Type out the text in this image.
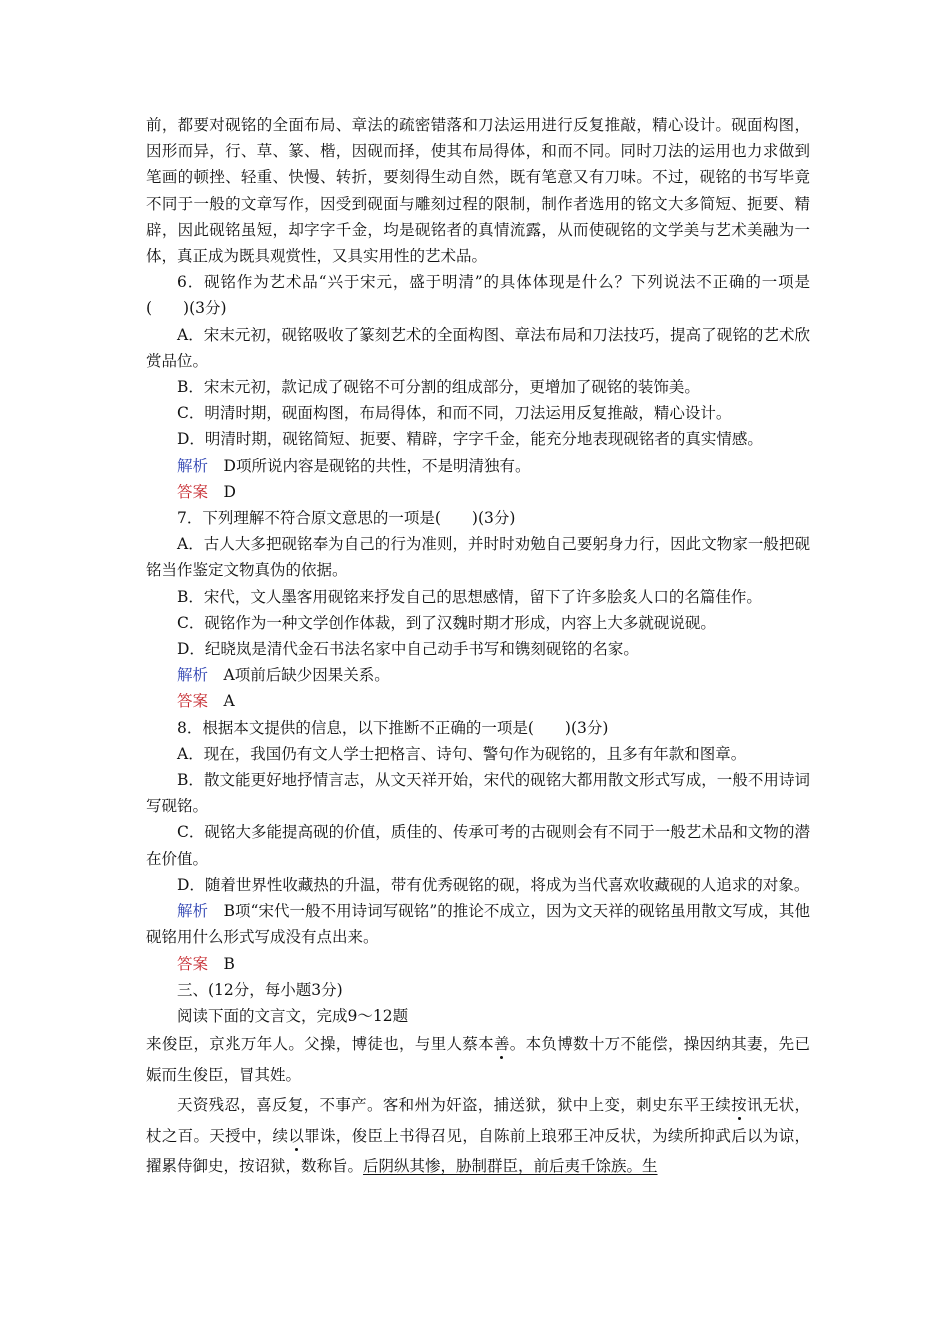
前，都要对砚铭的全面布局、章法的疏密错落和刀法运用进行反复推敲，精心设计。砚面构图，因形而异，行、草、篆、楷，因砚而择，使其布局得体，和而不同。同时刀法的运用也力求做到笔画的顿挫、轻重、快慢、转折，要刻得生动自然，既有笔意又有刀味。不过，砚铭的书写毕竟不同于一般的文章写作，因受到砚面与雕刻过程的限制，制作者选用的铭文大多简短、扼要、精辟，因此砚铭虽短，却字字千金，均是砚铭者的真情流露，从而使砚铭的文学美与艺术美融为一体，真正成为既具观赏性，又具实用性的艺术品。

6．砚铭作为艺术品“兴于宋元，盛于明清”的具体体现是什么？下列说法不正确的一项是(　　)(3分)

A．宋末元初，砚铭吸收了篆刻艺术的全面构图、章法布局和刀法技巧，提高了砚铭的艺术欣赏品位。

B．宋末元初，款记成了砚铭不可分割的组成部分，更增加了砚铭的装饰美。

C．明清时期，砚面构图，布局得体，和而不同，刀法运用反复推敲，精心设计。

D．明清时期，砚铭简短、扼要、精辟，字字千金，能充分地表现砚铭者的真实情感。

解析　 D项所说内容是砚铭的共性，不是明清独有。

答案　 D

7．下列理解不符合原文意思的一项是(　　)(3分)

A．古人大多把砚铭奉为自己的行为准则，并时时劝勉自己要躬身力行，因此文物家一般把砚铭当作鉴定文物真伪的依据。

B．宋代，文人墨客用砚铭来抒发自己的思想感情，留下了许多脍炙人口的名篇佳作。

C．砚铭作为一种文学创作体裁，到了汉魏时期才形成，内容上大多就砚说砚。

D．纪晓岚是清代金石书法名家中自己动手书写和镌刻砚铭的名家。

解析　 A项前后缺少因果关系。

答案　 A

8．根据本文提供的信息，以下推断不正确的一项是(　　)(3分)

A．现在，我国仍有文人学士把格言、诗句、警句作为砚铭的，且多有年款和图章。

B．散文能更好地抒情言志，从文天祥开始，宋代的砚铭大都用散文形式写成，一般不用诗词写砚铭。

C．砚铭大多能提高砚的价值，质佳的、传承可考的古砚则会有不同于一般艺术品和文物的潜在价值。

D．随着世界性收藏热的升温，带有优秀砚铭的砚，将成为当代喜欢收藏砚的人追求的对象。

解析　 B项“宋代一般不用诗词写砚铭”的推论不成立，因为文天祥的砚铭虽用散文写成，其他砚铭用什么形式写成没有点出来。

答案　 B

三、(12分，每小题3分)

阅读下面的文言文，完成9～12题

来俊臣，京兆万年人。父操，博徒也，与里人蔡本善。本负博数十万不能偿，操因纳其妻，先已娠而生俊臣，冒其姓。

天资残忍，喜反复，不事产。客和州为奸盗，捕送狱，狱中上变，刺史东平王续按讯无状，杖之百。天授中，续以罪诛，俊臣上书得召见，自陈前上琅邪王冲反状，为续所抑武后以为谅，擢累侍御史，按诏狱，数称旨。后阴纵其惨，胁制群臣，前后夷千馀族。生
